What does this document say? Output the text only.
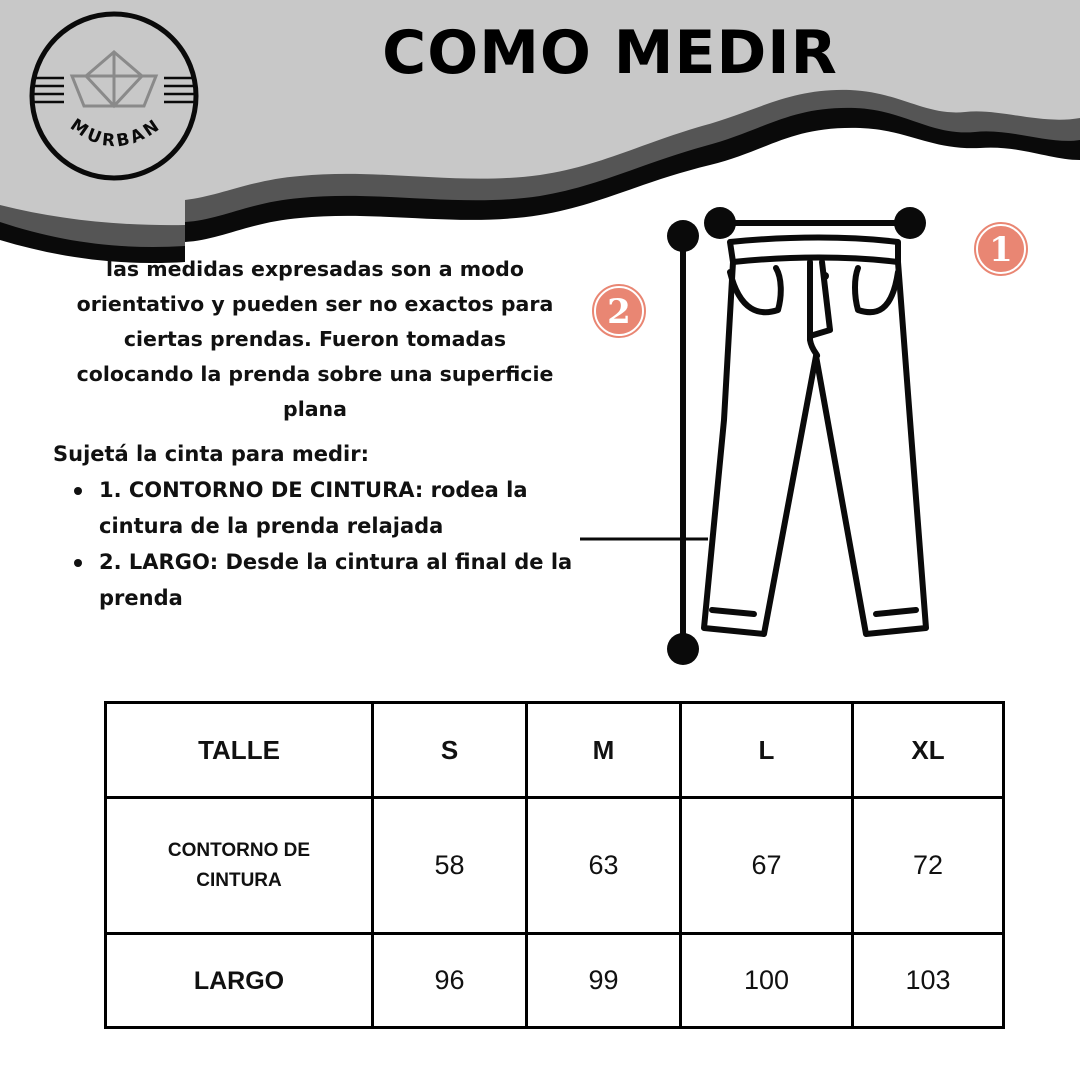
MURBAN
COMO MEDIR
las medidas expresadas son a modo orientativo y pueden ser no exactos para ciertas prendas. Fueron tomadas colocando la prenda sobre una superficie plana
Sujetá la cinta para medir:
1. CONTORNO DE CINTURA: rodea la cintura de la prenda relajada
2. LARGO: Desde la cintura al final de la prenda
1
2
TALLE	S	M	L	XL

CONTORNO DE CINTURA	58	63	67	72
LARGO	96	99	100	103
